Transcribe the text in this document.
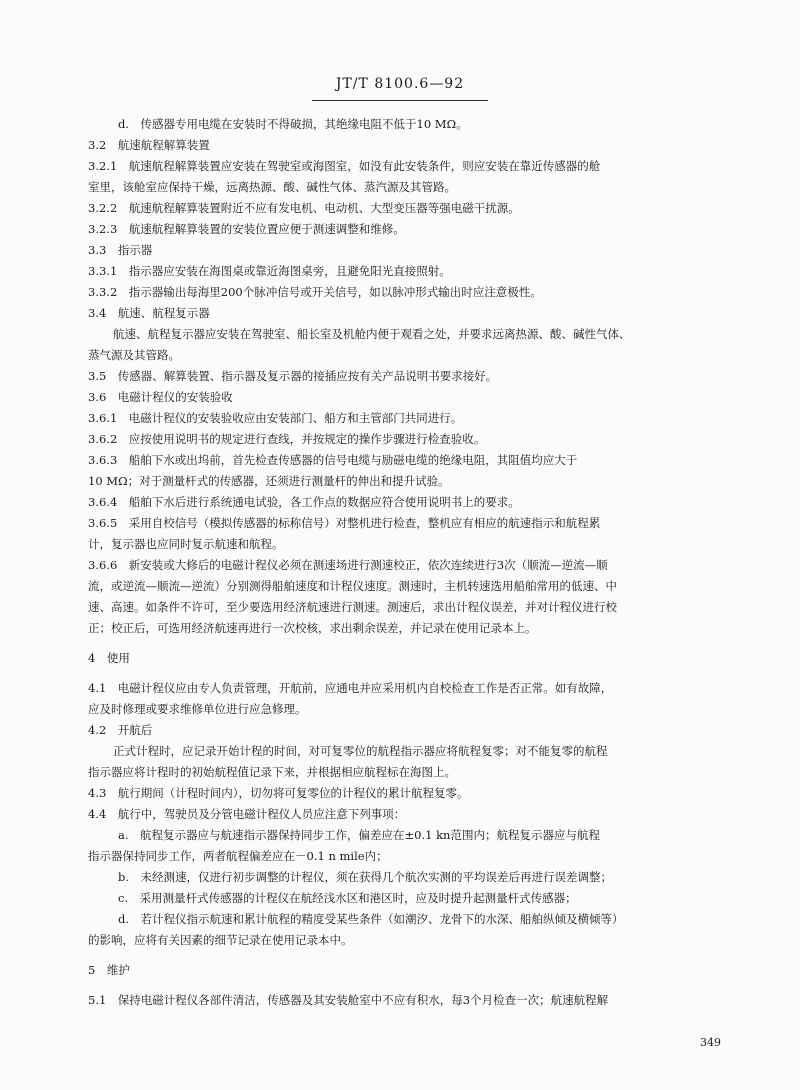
JT/T 8100.6—92
d.　传感器专用电缆在安装时不得破损，其绝缘电阻不低于10 MΩ。
3.2　航速航程解算装置
3.2.1　航速航程解算装置应安装在驾驶室或海图室，如没有此安装条件，则应安装在靠近传感器的舱
室里，该舱室应保持干燥，远离热源、酸、碱性气体、蒸汽源及其管路。
3.2.2　航速航程解算装置附近不应有发电机、电动机、大型变压器等强电磁干扰源。
3.2.3　航速航程解算装置的安装位置应便于测速调整和维修。
3.3　指示器
3.3.1　指示器应安装在海图桌或靠近海图桌旁，且避免阳光直接照射。
3.3.2　指示器输出每海里200个脉冲信号或开关信号，如以脉冲形式输出时应注意极性。
3.4　航速、航程复示器
航速、航程复示器应安装在驾驶室、船长室及机舱内便于观看之处，并要求远离热源、酸、碱性气体、
蒸气源及其管路。
3.5　传感器、解算装置、指示器及复示器的接插应按有关产品说明书要求接好。
3.6　电磁计程仪的安装验收
3.6.1　电磁计程仪的安装验收应由安装部门、船方和主管部门共同进行。
3.6.2　应按使用说明书的规定进行查线，并按规定的操作步骤进行检查验收。
3.6.3　船舶下水或出坞前，首先检查传感器的信号电缆与励磁电缆的绝缘电阻，其阻值均应大于
10 MΩ；对于测量杆式的传感器，还须进行测量杆的伸出和提升试验。
3.6.4　船舶下水后进行系统通电试验，各工作点的数据应符合使用说明书上的要求。
3.6.5　采用自校信号（模拟传感器的标称信号）对整机进行检查，整机应有相应的航速指示和航程累
计，复示器也应同时复示航速和航程。
3.6.6　新安装或大修后的电磁计程仪必须在测速场进行测速校正，依次连续进行3次（顺流—逆流—顺
流，或逆流—顺流—逆流）分别测得船舶速度和计程仪速度。测速时，主机转速选用船舶常用的低速、中
速、高速。如条件不许可，至少要选用经济航速进行测速。测速后，求出计程仪误差，并对计程仪进行校
正；校正后，可选用经济航速再进行一次校核，求出剩余误差，并记录在使用记录本上。
4　使用
4.1　电磁计程仪应由专人负责管理，开航前，应通电并应采用机内自校检查工作是否正常。如有故障，
应及时修理或要求维修单位进行应急修理。
4.2　开航后
正式计程时，应记录开始计程的时间，对可复零位的航程指示器应将航程复零；对不能复零的航程
指示器应将计程时的初始航程值记录下来，并根据相应航程标在海图上。
4.3　航行期间（计程时间内），切勿将可复零位的计程仪的累计航程复零。
4.4　航行中，驾驶员及分管电磁计程仪人员应注意下列事项：
a.　航程复示器应与航速指示器保持同步工作，偏差应在±0.1 kn范围内；航程复示器应与航程
指示器保持同步工作，两者航程偏差应在－0.1 n mile内；
b.　未经测速，仅进行初步调整的计程仪，须在获得几个航次实测的平均误差后再进行误差调整；
c.　采用测量杆式传感器的计程仪在航经浅水区和港区时，应及时提升起测量杆式传感器；
d.　若计程仪指示航速和累计航程的精度受某些条件（如潮汐、龙骨下的水深、船舶纵倾及横倾等）
的影响，应将有关因素的细节记录在使用记录本中。
5　维护
5.1　保持电磁计程仪各部件清洁，传感器及其安装舱室中不应有积水，每3个月检查一次；航速航程解
349
